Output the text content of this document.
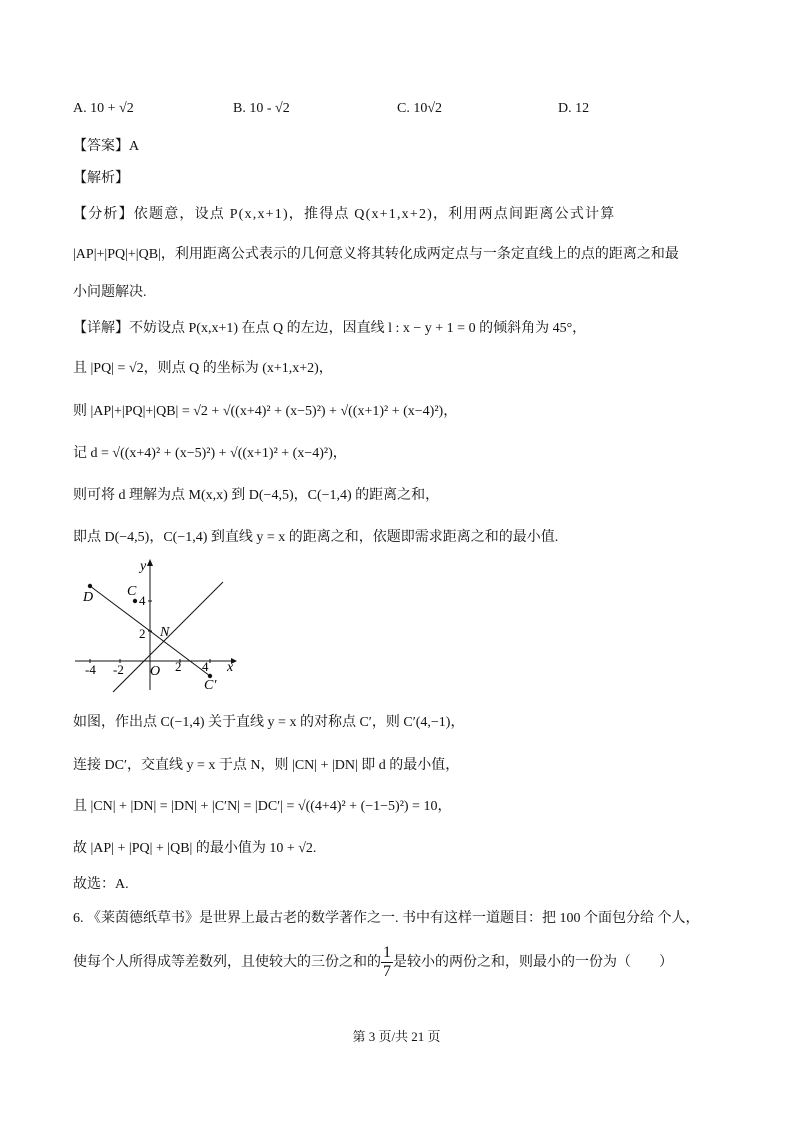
A. 10 + √2	B. 10 - √2	C. 10√2	D. 12
【答案】A
【解析】
【分析】依题意，设点 P(x,x+1)，推得点 Q(x+1,x+2)，利用两点间距离公式计算
|AP|+|PQ|+|QB|，利用距离公式表示的几何意义将其转化成两定点与一条定直线上的点的距离之和最
小问题解决.
【详解】不妨设点 P(x,x+1) 在点 Q 的左边，因直线 l : x − y + 1 = 0 的倾斜角为 45°，
且 |PQ| = √2，则点 Q 的坐标为 (x+1,x+2)，
则 |AP|+|PQ|+|QB| = √2 + √((x+4)² + (x−5)²) + √((x+1)² + (x−4)²)，
记 d = √((x+4)² + (x−5)²) + √((x+1)² + (x−4)²)，
则可将 d 理解为点 M(x,x) 到 D(−4,5)，C(−1,4) 的距离之和，
即点 D(−4,5)，C(−1,4) 到直线 y = x 的距离之和，依题即需求距离之和的最小值.
-4 -2	2 4
2
4
x
y
O
D C
N
C′
如图，作出点 C(−1,4) 关于直线 y = x 的对称点 C′，则 C′(4,−1)，
连接 DC′，交直线 y = x 于点 N，则 |CN| + |DN| 即 d 的最小值，
且 |CN| + |DN| = |DN| + |C′N| = |DC′| = √((4+4)² + (−1−5)²) = 10，
故 |AP| + |PQ| + |QB| 的最小值为 10 + √2.
故选：A.
6. 《莱茵德纸草书》是世界上最古老的数学著作之一. 书中有这样一道题目：把 100 个面包分给 个人，
使每个人所得成等差数列，且使较大的三份之和的 $\frac{1}{7}$ 是较小的两份之和，则最小的一份为（　　）
第 3 页/共 21 页
